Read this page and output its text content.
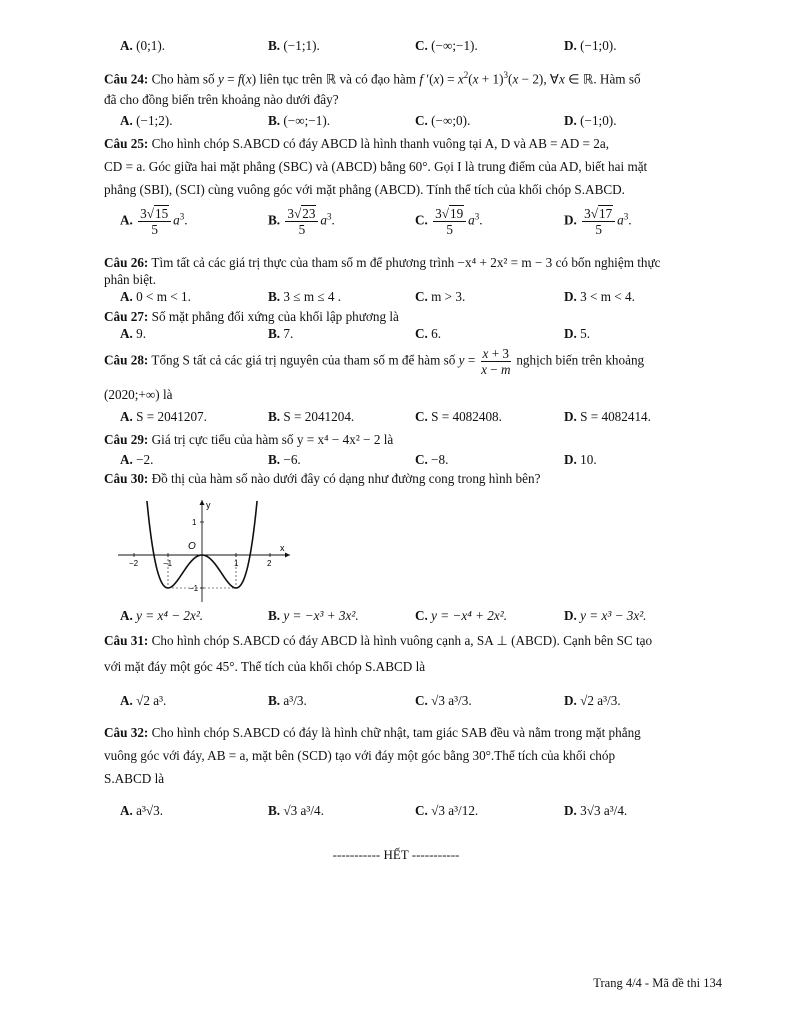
A. (0;1).	B. (−1;1).	C. (−∞;−1).	D. (−1;0).
Câu 24: Cho hàm số y = f(x) liên tục trên ℝ và có đạo hàm f $'(x) = x^2(x + 1)^3(x - 2)$, ∀x ∈ ℝ. Hàm số
đã cho đồng biến trên khoảng nào dưới đây?
A. (−1;2).	B. (−∞;−1).	C. (−∞;0).	D. (−1;0).
Câu 25: Cho hình chóp S.ABCD có đáy ABCD là hình thanh vuông tại A, D và AB = AD = 2a,
CD = a. Góc giữa hai mặt phẳng (SBC) và (ABCD) bằng 60°. Gọi I là trung điểm của AD, biết hai mặt
phẳng (SBI), (SCI) cùng vuông góc với mặt phẳng (ABCD). Tính thể tích của khối chóp S.ABCD.
A. $\frac{3√15}{5} a^3$.	B. $\frac{3√23}{5} a^3$.	C. $\frac{3√19}{5} a^3$.	D. $\frac{3√17}{5} a^3$.
Câu 26: Tìm tất cả các giá trị thực của tham số m để phương trình −x⁴ + 2x² = m − 3 có bốn nghiệm thực
phân biệt.
A. 0 < m < 1.	B. 3 ≤ m ≤ 4 .	C. m > 3.	D. 3 < m < 4.
Câu 27: Số mặt phẳng đối xứng của khối lập phương là
A. 9.	B. 7.	C. 6.	D. 5.
Câu 28: Tổng S tất cả các giá trị nguyên của tham số m để hàm số $y = \frac{x + 3}{x - m}$ nghịch biến trên khoảng
(2020;+∞) là
A. S = 2041207.	B. S = 2041204.	C. S = 4082408.	D. S = 4082414.
Câu 29: Giá trị cực tiểu của hàm số y = x⁴ − 4x² − 2 là
A. −2.	B. −6.	C. −8.	D. 10.
Câu 30: Đồ thị của hàm số nào dưới đây có dạng như đường cong trong hình bên?
y
x
O
−2	−1	1	2
1
−1
A. y = x⁴ − 2x².	B. y = −x³ + 3x².	C. y = −x⁴ + 2x².	D. y = x³ − 3x².
Câu 31: Cho hình chóp S.ABCD có đáy ABCD là hình vuông cạnh a, SA ⊥ (ABCD). Cạnh bên SC tạo
với mặt đáy một góc 45°. Thể tích của khối chóp S.ABCD là
A. √2 a³.	B. a³/3.	C. √3 a³/3.	D. √2 a³/3.
Câu 32: Cho hình chóp S.ABCD có đáy là hình chữ nhật, tam giác SAB đều và nằm trong mặt phẳng
vuông góc với đáy, AB = a, mặt bên (SCD) tạo với đáy một góc bằng 30°.Thể tích của khối chóp
S.ABCD là
A. a³√3.	B. √3 a³/4.	C. √3 a³/12.	D. 3√3 a³/4.
----------- HẾT -----------
Trang 4/4 - Mã đề thi 134
